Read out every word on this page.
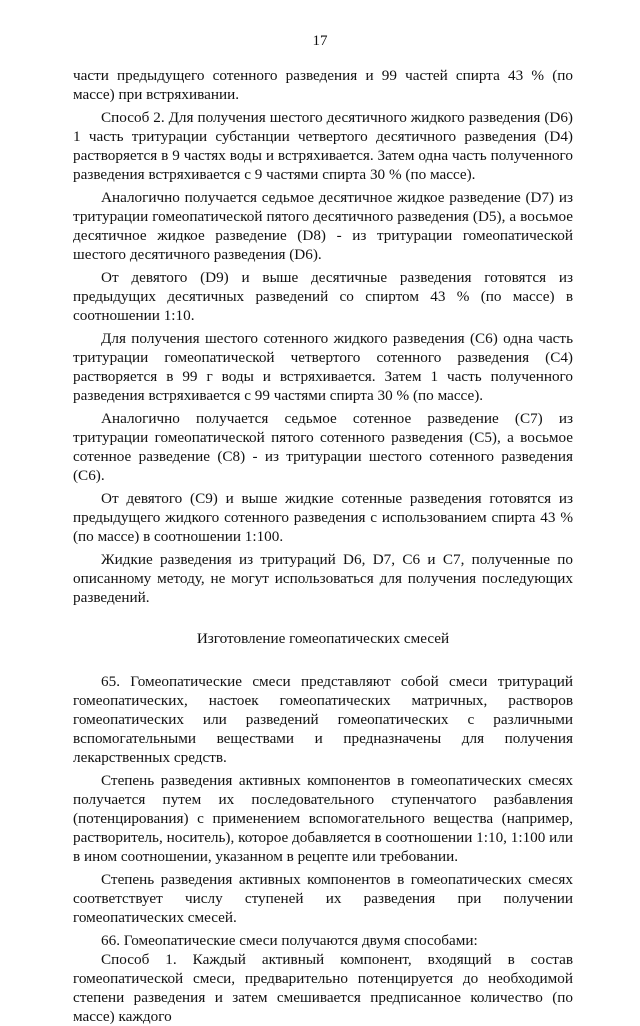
17

части предыдущего сотенного разведения и 99 частей спирта 43 % (по массе) при встряхивании.

Способ 2. Для получения шестого десятичного жидкого разведения (D6) 1 часть тритурации субстанции четвертого десятичного разведения (D4) растворяется в 9 частях воды и встряхивается. Затем одна часть полученного разведения встряхивается с 9 частями спирта 30 % (по массе).

Аналогично получается седьмое десятичное жидкое разведение (D7) из тритурации гомеопатической пятого десятичного разведения (D5), а восьмое десятичное жидкое разведение (D8) - из тритурации гомеопатической шестого десятичного разведения (D6).

От девятого (D9) и выше десятичные разведения готовятся из предыдущих десятичных разведений со спиртом 43 % (по массе) в соотношении 1:10.

Для получения шестого сотенного жидкого разведения (С6) одна часть тритурации гомеопатической четвертого сотенного разведения (С4) растворяется в 99 г воды и встряхивается. Затем 1 часть полученного разведения встряхивается с 99 частями спирта 30 % (по массе).

Аналогично получается седьмое сотенное разведение (С7) из тритурации гомеопатической пятого сотенного разведения (С5), а восьмое сотенное разведение (С8) - из тритурации шестого сотенного разведения (С6).

От девятого (С9) и выше жидкие сотенные разведения готовятся из предыдущего жидкого сотенного разведения с использованием спирта 43 % (по массе) в соотношении 1:100.

Жидкие разведения из тритураций D6, D7, C6 и C7, полученные по описанному методу, не могут использоваться для получения последующих разведений.

Изготовление гомеопатических смесей

65. Гомеопатические смеси представляют собой смеси тритураций гомеопатических, настоек гомеопатических матричных, растворов гомеопатических или разведений гомеопатических с различными вспомогательными веществами и предназначены для получения лекарственных средств.

Степень разведения активных компонентов в гомеопатических смесях получается путем их последовательного ступенчатого разбавления (потенцирования) с применением вспомогательного вещества (например, растворитель, носитель), которое добавляется в соотношении 1:10, 1:100 или в ином соотношении, указанном в рецепте или требовании.

Степень разведения активных компонентов в гомеопатических смесях соответствует числу ступеней их разведения при получении гомеопатических смесей.

66. Гомеопатические смеси получаются двумя способами:

Способ 1. Каждый активный компонент, входящий в состав гомеопатической смеси, предварительно потенцируется до необходимой степени разведения и затем смешивается предписанное количество (по массе) каждого
